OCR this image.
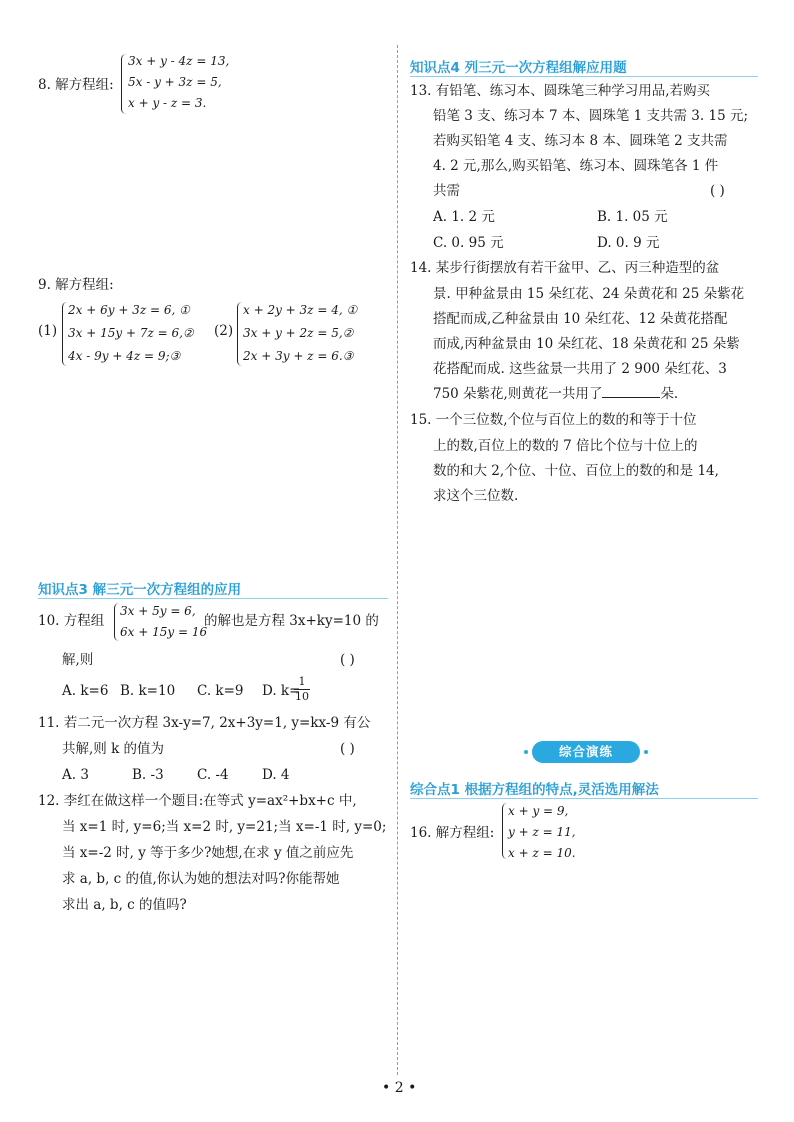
8. 解方程组:
3x + y - 4z = 13,
5x - y + 3z = 5,
x + y - z = 3.
9. 解方程组:
(1)
2x + 6y + 3z = 6, ①
3x + 15y + 7z = 6,②
4x - 9y + 4z = 9;③
(2)
x + 2y + 3z = 4, ①
3x + y + 2z = 5,②
2x + 3y + z = 6.③
知识点3 解三元一次方程组的应用
10. 方程组
3x + 5y = 6,
6x + 15y = 16
的解也是方程 3x+ky=10 的
解,则	( )
A. k=6 B. k=10 C. k=9 D. k=
1
10
11. 若二元一次方程 3x-y=7, 2x+3y=1, y=kx-9 有公
共解,则 k 的值为	( )
A. 3	B. -3 C. -4 D. 4
12. 李红在做这样一个题目:在等式 y=ax²+bx+c 中,
当 x=1 时, y=6;当 x=2 时, y=21;当 x=-1 时, y=0;
当 x=-2 时, y 等于多少?她想,在求 y 值之前应先
求 a, b, c 的值,你认为她的想法对吗?你能帮她
求出 a, b, c 的值吗?
知识点4 列三元一次方程组解应用题
13. 有铅笔、练习本、圆珠笔三种学习用品,若购买
铅笔 3 支、练习本 7 本、圆珠笔 1 支共需 3. 15 元;
若购买铅笔 4 支、练习本 8 本、圆珠笔 2 支共需
4. 2 元,那么,购买铅笔、练习本、圆珠笔各 1 件
共需	( )
A. 1. 2 元	B. 1. 05 元
C. 0. 95 元	D. 0. 9 元
14. 某步行街摆放有若干盆甲、乙、丙三种造型的盆
景. 甲种盆景由 15 朵红花、24 朵黄花和 25 朵紫花
搭配而成,乙种盆景由 10 朵红花、12 朵黄花搭配
而成,丙种盆景由 10 朵红花、18 朵黄花和 25 朵紫
花搭配而成. 这些盆景一共用了 2 900 朵红花、3
750 朵紫花,则黄花一共用了	朵.
15. 一个三位数,个位与百位上的数的和等于十位
上的数,百位上的数的 7 倍比个位与十位上的
数的和大 2,个位、十位、百位上的数的和是 14,
求这个三位数.
综合演练
综合点1 根据方程组的特点,灵活选用解法
16. 解方程组:
x + y = 9,
y + z = 11,
x + z = 10.
• 2 •
